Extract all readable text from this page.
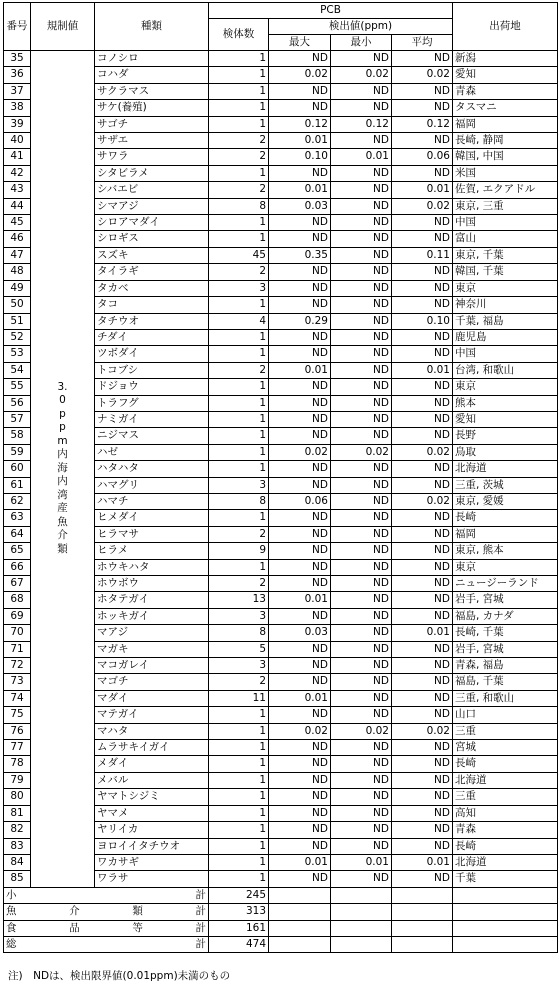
番号	規制値	種類	PCB				出荷地
			検体数	検出値(ppm)			
				最大	最小	平均	
35	3.0ppm内海内湾産魚介類	コノシロ	1	ND	ND	ND	新潟
36		コハダ	1	0.02	0.02	0.02	愛知
37		サクラマス	1	ND	ND	ND	青森
38		サケ(養殖)	1	ND	ND	ND	タスマニ
39		サゴチ	1	0.12	0.12	0.12	福岡
40		サザエ	2	0.01	ND	ND	長崎, 静岡
41		サワラ	2	0.10	0.01	0.06	韓国, 中国
42		シタビラメ	1	ND	ND	ND	米国
43		シバエビ	2	0.01	ND	0.01	佐賀, エクアドル
44		シマアジ	8	0.03	ND	0.02	東京, 三重
45		シロアマダイ	1	ND	ND	ND	中国
46		シロギス	1	ND	ND	ND	富山
47		スズキ	45	0.35	ND	0.11	東京, 千葉
48		タイラギ	2	ND	ND	ND	韓国, 千葉
49		タカベ	3	ND	ND	ND	東京
50		タコ	1	ND	ND	ND	神奈川
51		タチウオ	4	0.29	ND	0.10	千葉, 福島
52		チダイ	1	ND	ND	ND	鹿児島
53		ツボダイ	1	ND	ND	ND	中国
54		トコブシ	2	0.01	ND	0.01	台湾, 和歌山
55		ドジョウ	1	ND	ND	ND	東京
56		トラフグ	1	ND	ND	ND	熊本
57		ナミガイ	1	ND	ND	ND	愛知
58		ニジマス	1	ND	ND	ND	長野
59		ハゼ	1	0.02	0.02	0.02	鳥取
60		ハタハタ	1	ND	ND	ND	北海道
61		ハマグリ	3	ND	ND	ND	三重, 茨城
62		ハマチ	8	0.06	ND	0.02	東京, 愛媛
63		ヒメダイ	1	ND	ND	ND	長崎
64		ヒラマサ	2	ND	ND	ND	福岡
65		ヒラメ	9	ND	ND	ND	東京, 熊本
66		ホウキハタ	1	ND	ND	ND	東京
67		ホウボウ	2	ND	ND	ND	ニュージーランド
68		ホタテガイ	13	0.01	ND	ND	岩手, 宮城
69		ホッキガイ	3	ND	ND	ND	福島, カナダ
70		マアジ	8	0.03	ND	0.01	長崎, 千葉
71		マガキ	5	ND	ND	ND	岩手, 宮城
72		マコガレイ	3	ND	ND	ND	青森, 福島
73		マゴチ	2	ND	ND	ND	福島, 千葉
74		マダイ	11	0.01	ND	ND	三重, 和歌山
75		マテガイ	1	ND	ND	ND	山口
76		マハタ	1	0.02	0.02	0.02	三重
77		ムラサキイガイ	1	ND	ND	ND	宮城
78		メダイ	1	ND	ND	ND	長崎
79		メバル	1	ND	ND	ND	北海道
80		ヤマトシジミ	1	ND	ND	ND	三重
81		ヤマメ	1	ND	ND	ND	高知
82		ヤリイカ	1	ND	ND	ND	青森
83		ヨロイイタチウオ	1	ND	ND	ND	長崎
84		ワカサギ	1	0.01	0.01	0.01	北海道
85		ワラサ	1	ND	ND	ND	千葉
小計			245				
魚介類計			313				
食品等計			161				
総計			474				
注)　NDは、検出限界値(0.01ppm)未満のもの
